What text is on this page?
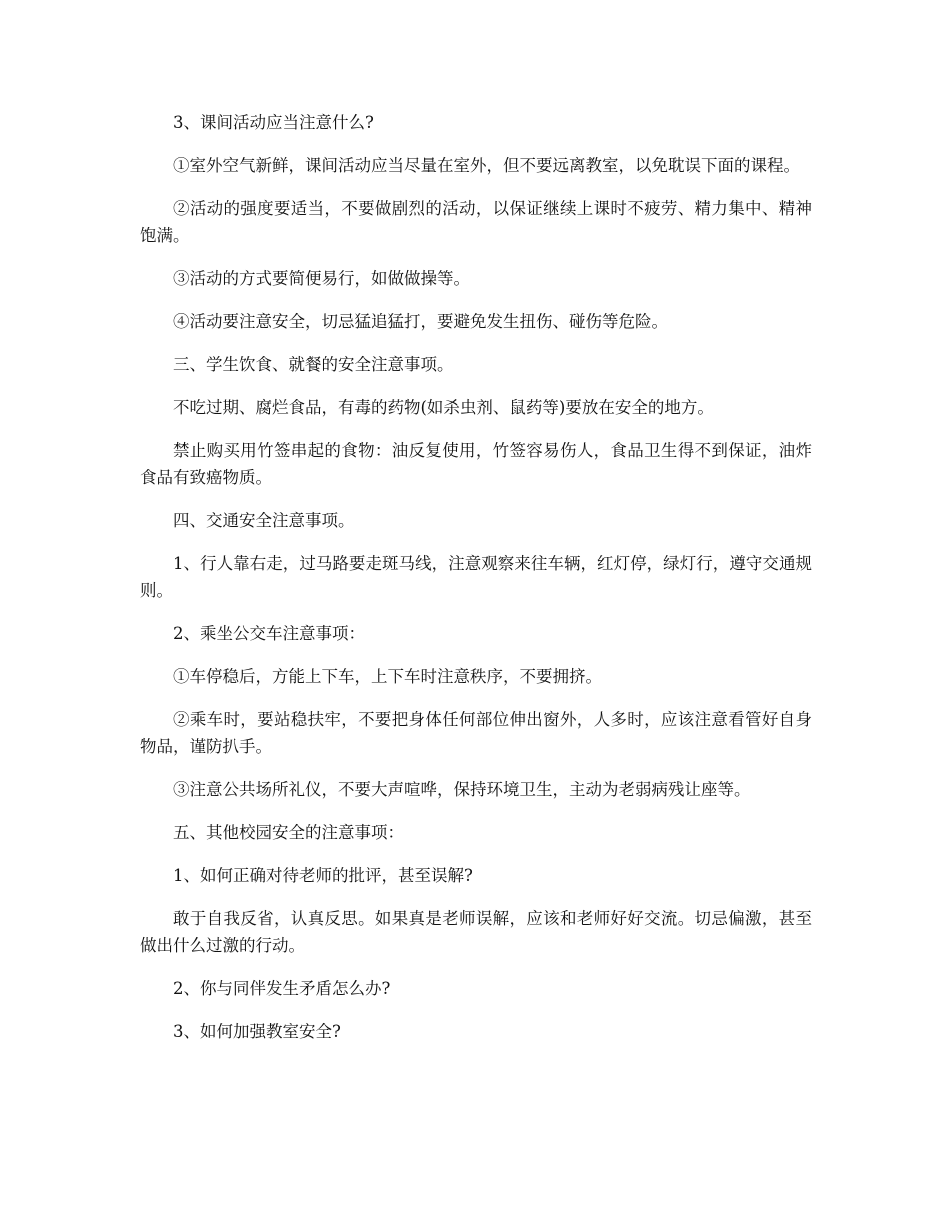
3、课间活动应当注意什么?

①室外空气新鲜，课间活动应当尽量在室外，但不要远离教室，以免耽误下面的课程。

②活动的强度要适当，不要做剧烈的活动，以保证继续上课时不疲劳、精力集中、精神饱满。

③活动的方式要简便易行，如做做操等。

④活动要注意安全，切忌猛追猛打，要避免发生扭伤、碰伤等危险。

三、学生饮食、就餐的安全注意事项。

不吃过期、腐烂食品，有毒的药物(如杀虫剂、鼠药等)要放在安全的地方。

禁止购买用竹签串起的食物：油反复使用，竹签容易伤人，食品卫生得不到保证，油炸食品有致癌物质。

四、交通安全注意事项。

1、行人靠右走，过马路要走斑马线，注意观察来往车辆，红灯停，绿灯行，遵守交通规则。

2、乘坐公交车注意事项：

①车停稳后，方能上下车，上下车时注意秩序，不要拥挤。

②乘车时，要站稳扶牢，不要把身体任何部位伸出窗外，人多时，应该注意看管好自身物品，谨防扒手。

③注意公共场所礼仪，不要大声喧哗，保持环境卫生，主动为老弱病残让座等。

五、其他校园安全的注意事项：

1、如何正确对待老师的批评，甚至误解?

敢于自我反省，认真反思。如果真是老师误解，应该和老师好好交流。切忌偏激，甚至做出什么过激的行动。

2、你与同伴发生矛盾怎么办?

3、如何加强教室安全?
